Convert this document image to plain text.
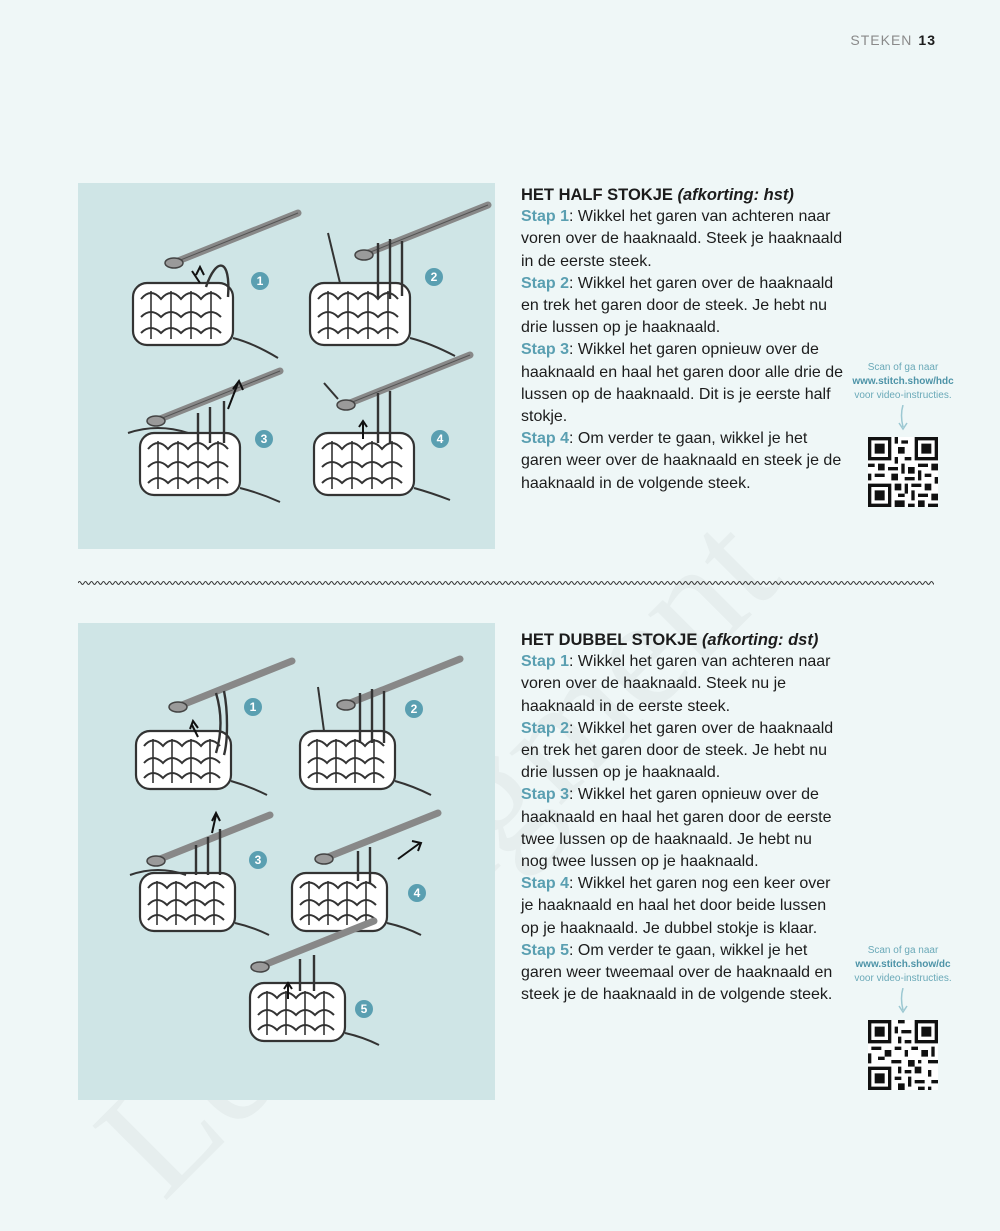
STEKEN 13
1	2
3	4
HET HALF STOKJE (afkorting: hst)
Stap 1: Wikkel het garen van achteren naar voren over de haaknaald. Steek je haaknaald in de eerste steek.
Stap 2: Wikkel het garen over de haaknaald en trek het garen door de steek. Je hebt nu drie lussen op je haaknaald.
Stap 3: Wikkel het garen opnieuw over de haaknaald en haal het garen door alle drie de lussen op de haaknaald. Dit is je eerste half stokje.
Stap 4: Om verder te gaan, wikkel je het garen weer over de haaknaald en steek je de haaknaald in de volgende steek.
Scan of ga naar
www.stitch.show/hdc
voor video-instructies.
1	2
3
4
5
HET DUBBEL STOKJE (afkorting: dst)
Stap 1: Wikkel het garen van achteren naar voren over de haaknaald. Steek nu je haaknaald in de eerste steek.
Stap 2: Wikkel het garen over de haaknaald en trek het garen door de steek. Je hebt nu drie lussen op je haaknaald.
Stap 3: Wikkel het garen opnieuw over de haaknaald en haal het garen door de eerste twee lussen op de haaknaald. Je hebt nu nog twee lussen op je haaknaald.
Stap 4: Wikkel het garen nog een keer over je haaknaald en haal het door beide lussen op je haaknaald. Je dubbel stokje is klaar.
Stap 5: Om verder te gaan, wikkel je het garen weer tweemaal over de haaknaald en steek je de haaknaald in de volgende steek.
Scan of ga naar
www.stitch.show/dc
voor video-instructies.
